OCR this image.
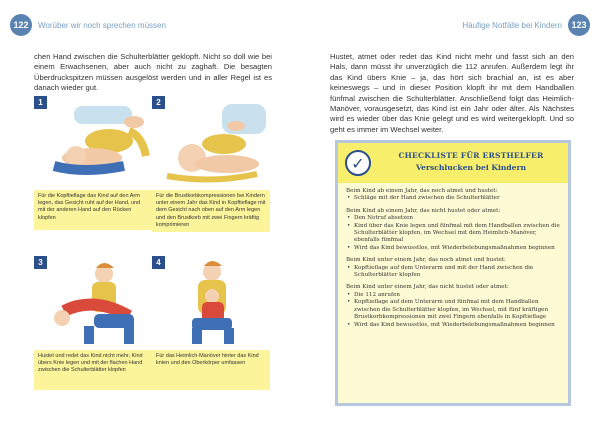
122	Worüber wir noch sprechen müssen

chen Hand zwischen die Schulterblätter geklopft. Nicht so doll wie bei einem Erwachsenen, aber auch nicht zu zaghaft. Die besagten Überdruckspitzen müssen ausgelöst werden und in aller Regel ist es danach wieder gut.

1
Für die Kopftieflage das Kind auf den Arm legen, das Gesicht ruht auf der Hand, und mit der anderen Hand auf den Rücken klopfen
2
Für die Brustkorbkompressionen bei Kindern unter einem Jahr das Kind in Kopftieflage mit dem Gesicht nach oben auf den Arm legen und den Brustkorb mit zwei Fingern kräftig komprimieren
3
Hustet und redet das Kind nicht mehr, Kind übers Knie legen und mit der flachen Hand zwischen die Schulterblätter klopfen
4
Für das Heimlich-Manöver hinter das Kind knien und den Oberkörper umfassen
Häufige Notfälle bei Kindern	123

Hustet, atmet oder redet das Kind nicht mehr und fasst sich an den Hals, dann müsst ihr unverzüglich die 112 anrufen. Außerdem legt ihr das Kind übers Knie – ja, das hört sich brachial an, ist es aber keineswegs – und in dieser Position klopft ihr mit dem Handballen fünfmal zwischen die Schulterblätter. Anschließend folgt das Heimlich-Manöver, vorausgesetzt, das Kind ist ein Jahr oder älter. Als Nächstes wird es wieder über das Knie gelegt und es wird weitergeklopft. Und so geht es immer im Wechsel weiter.

✓	CHECKLISTE FÜR ERSTHELFER
Verschlucken bei Kindern
Beim Kind ab einem Jahr, das noch atmet und hustet:
• Schläge mit der Hand zwischen die Schulterblätter
Beim Kind ab einem Jahr, das nicht hustet oder atmet:
• Den Notruf absetzen
• Kind über das Knie legen und fünfmal mit dem Handballen zwischen die Schulterblätter klopfen, im Wechsel mit dem Heimlich-Manöver, ebenfalls fünfmal
• Wird das Kind bewusstlos, mit Wiederbelebungsmaßnahmen beginnen
Beim Kind unter einem Jahr, das noch atmet und hustet:
• Kopftieflage auf dem Unterarm und mit der Hand zwischen die Schulterblätter klopfen
Beim Kind unter einem Jahr, das nicht hustet oder atmet:
• Die 112 anrufen
• Kopftieflage auf dem Unterarm und fünfmal mit dem Handballen zwischen die Schulterblätter klopfen, im Wechsel, mit fünf kräftigen Brustkorbkompressionen mit zwei Fingern ebenfalls in Kopftieflage
• Wird das Kind bewusstlos, mit Wiederbelebungsmaßnahmen beginnen
